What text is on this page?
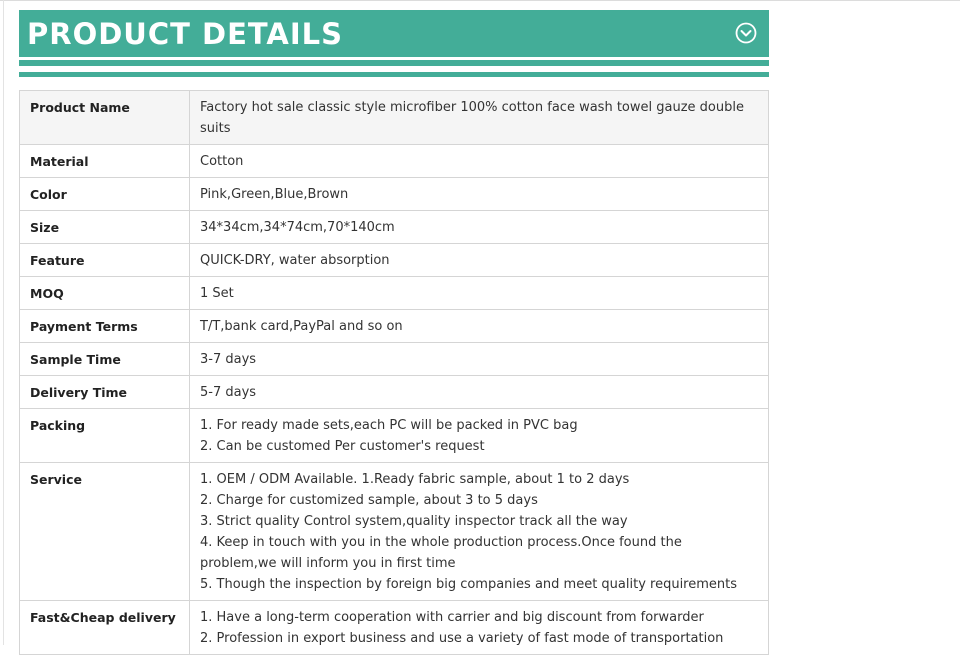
PRODUCT DETAILS
Product Name	Factory hot sale classic style microfiber 100% cotton face wash towel gauze double suits

Material	Cotton

Color	Pink,Green,Blue,Brown

Size	34*34cm,34*74cm,70*140cm

Feature	QUICK-DRY, water absorption

MOQ	1 Set

Payment Terms	T/T,bank card,PayPal and so on

Sample Time	3-7 days

Delivery Time	5-7 days

Packing	1. For ready made sets,each PC will be packed in PVC bag
2. Can be customed Per customer's request

Service	1. OEM / ODM Available. 1.Ready fabric sample, about 1 to 2 days
2. Charge for customized sample, about 3 to 5 days
3. Strict quality Control system,quality inspector track all the way
4. Keep in touch with you in the whole production process.Once found the problem,we will inform you in first time
5. Though the inspection by foreign big companies and meet quality requirements

Fast&Cheap delivery	1. Have a long-term cooperation with carrier and big discount from forwarder
2. Profession in export business and use a variety of fast mode of transportation
